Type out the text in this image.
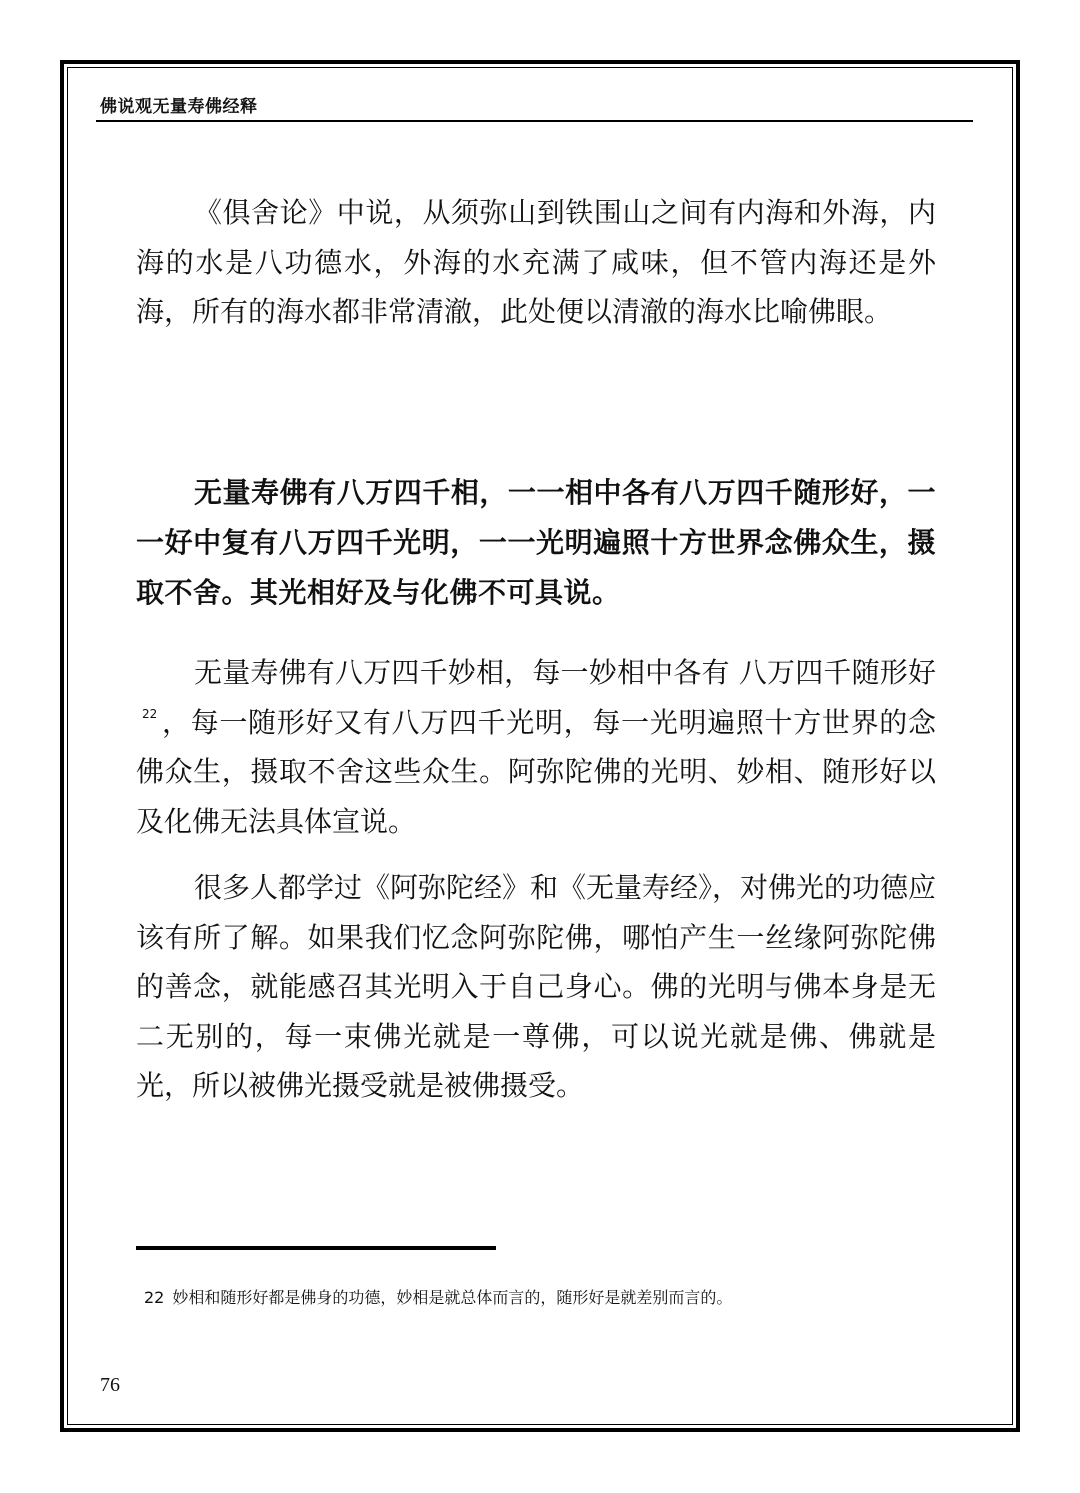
佛说观无量寿佛经释

《俱舍论》中说，从须弥山到铁围山之间有内海和外海，内海的水是八功德水，外海的水充满了咸味，但不管内海还是外海，所有的海水都非常清澈，此处便以清澈的海水比喻佛眼。

无量寿佛有八万四千相，一一相中各有八万四千随形好，一一好中复有八万四千光明，一一光明遍照十方世界念佛众生，摄取不舍。其光相好及与化佛不可具说。

无量寿佛有八万四千妙相，每一妙相中各有 八万四千随形好$^{22}$ ，每一随形好又有八万四千光明，每一光明遍照十方世界的念佛众生，摄取不舍这些众生。阿弥陀佛的光明、妙相、随形好以 及化佛无法具体宣说。

很多人都学过《阿弥陀经》和《无量寿经》，对佛光的功德应该有所了解。如果我们忆念阿弥陀佛，哪怕产生一丝缘阿弥陀佛的善念，就能感召其光明入于自己身心。佛的光明与佛本身是无二无别的，每一束佛光就是一尊佛，可以说光就是佛、佛就是光，所以被佛光摄受就是被佛摄受。

22 妙相和随形好都是佛身的功德，妙相是就总体而言的，随形好是就差别而言的。

76
